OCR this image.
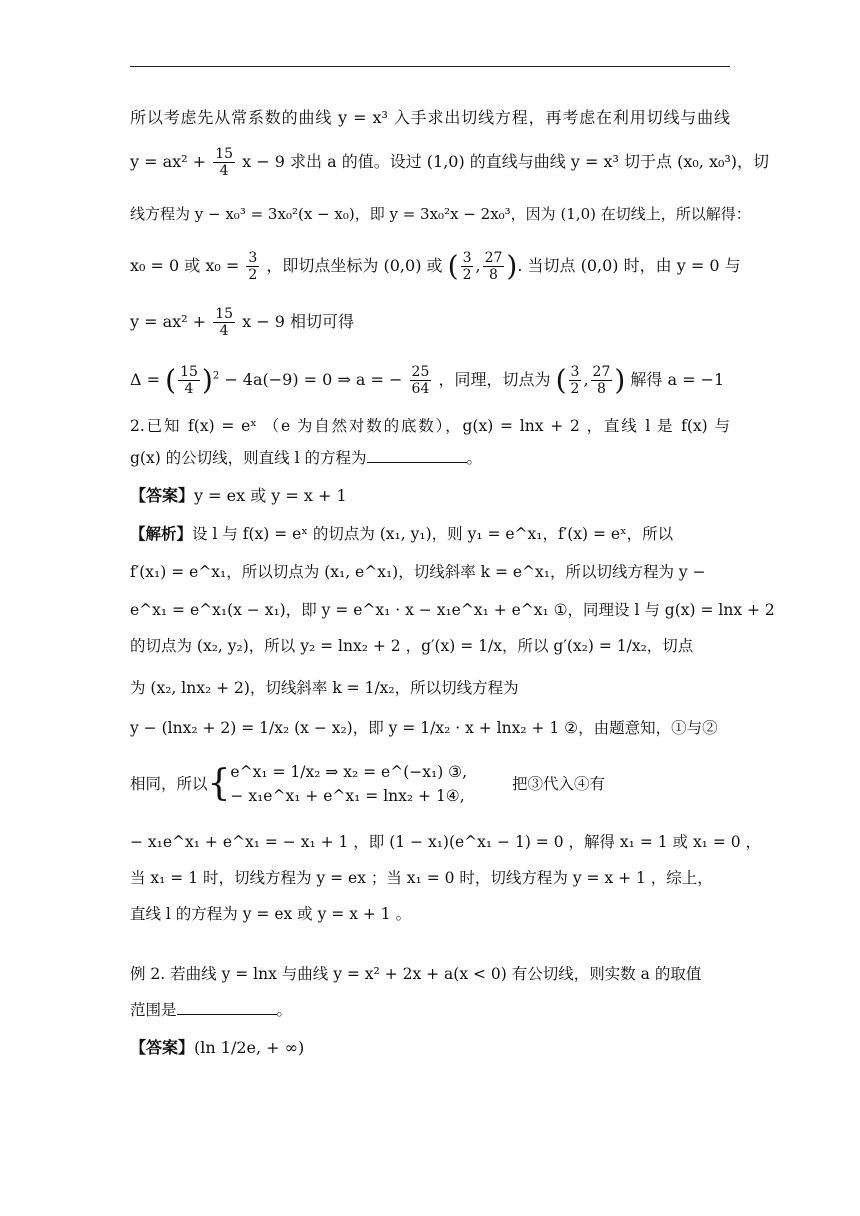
所以考虑先从常系数的曲线 y = x³ 入手求出切线方程，再考虑在利用切线与曲线
$y = ax^2 + \frac{15}{4}$ x − 9 求出 a 的值。设过 (1,0) 的直线与曲线 y = x³ 切于点 (x₀, x₀³)，切
线方程为 y − x₀³ = 3x₀²(x − x₀)，即 y = 3x₀²x − 2x₀³，因为 (1,0) 在切线上，所以解得：
x₀ = 0 或 $x_0 = \frac{3}{2}$ ，即切点坐标为 (0,0) 或 ( $\frac{3}{2}$ , $\frac{27}{8}$ ). 当切点 (0,0) 时，由 y = 0 与
$y = ax^2 + \frac{15}{4}$ x − 9 相切可得
Δ = ( $\frac{15}{4} )^2 - 4a(-9) = 0$ ⇒ a = − $\frac{25}{64}$ ，同理，切点为 ( $\frac{3}{2}$ , $\frac{27}{8}$ ) 解得 a = −1
2.已知 f(x) = eˣ （e 为自然对数的底数），g(x) = lnx + 2 ，直线 l 是 f(x) 与
g(x) 的公切线，则直线 l 的方程为	。
【答案】y = ex 或 y = x + 1
【解析】设 l 与 f(x) = eˣ 的切点为 (x₁, y₁)，则 y₁ = e^x₁，f′(x) = eˣ，所以
f′(x₁) = e^x₁，所以切点为 (x₁, e^x₁)，切线斜率 k = e^x₁，所以切线方程为 y −
e^x₁ = e^x₁(x − x₁)，即 y = e^x₁ · x − x₁e^x₁ + e^x₁ ①，同理设 l 与 g(x) = lnx + 2
的切点为 (x₂, y₂)，所以 y₂ = lnx₂ + 2 ，g′(x) = 1/x，所以 g′(x₂) = 1/x₂，切点
为 (x₂, lnx₂ + 2)，切线斜率 k = 1/x₂，所以切线方程为
y − (lnx₂ + 2) = 1/x₂ (x − x₂)，即 y = 1/x₂ · x + lnx₂ + 1 ②，由题意知，①与②
相同，所以{ e^x₁ = 1/x₂ ⇒ x₂ = e^(−x₁) ③,
− x₁e^x₁ + e^x₁ = lnx₂ + 1④,
把③代入④有
− x₁e^x₁ + e^x₁ = − x₁ + 1 ，即 (1 − x₁)(e^x₁ − 1) = 0 ，解得 x₁ = 1 或 x₁ = 0 ，
当 x₁ = 1 时，切线方程为 y = ex ；当 x₁ = 0 时，切线方程为 y = x + 1 ，综上，
直线 l 的方程为 y = ex 或 y = x + 1 。
例 2. 若曲线 y = lnx 与曲线 y = x² + 2x + a(x < 0) 有公切线，则实数 a 的取值
范围是	。
【答案】(ln 1/2e, + ∞)
